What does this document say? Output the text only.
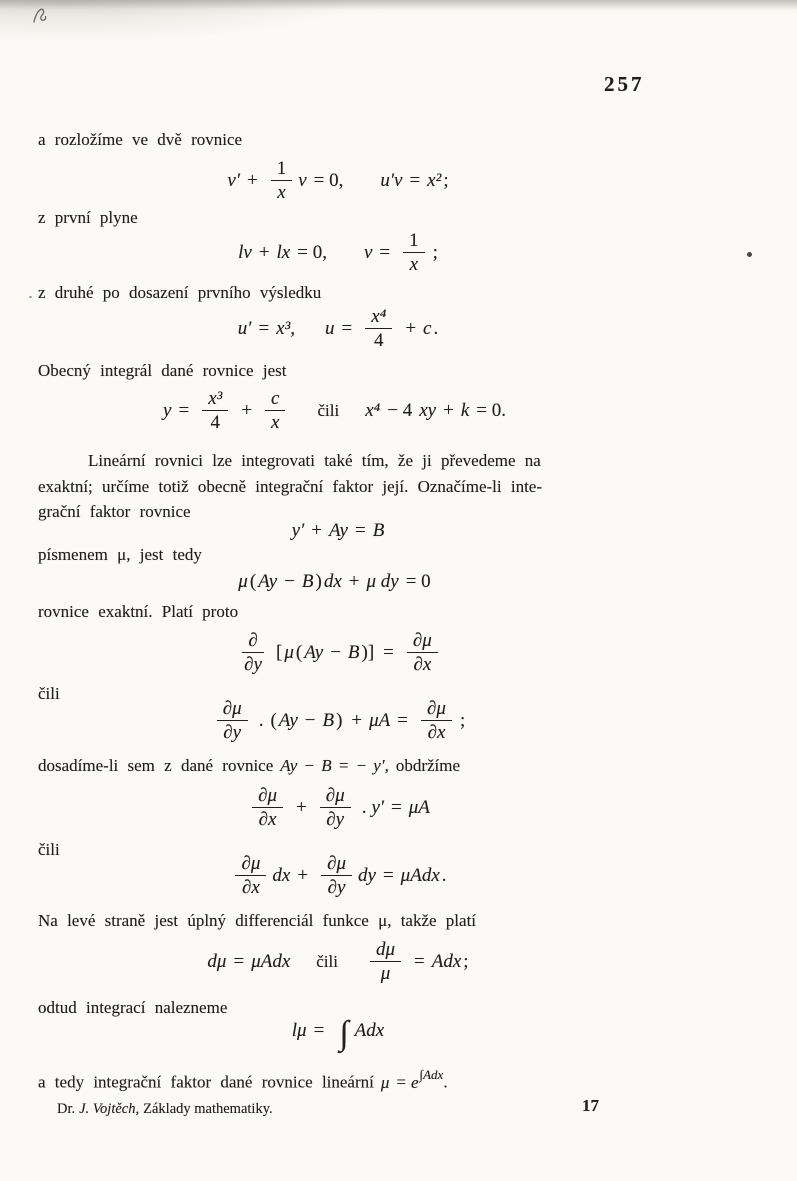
257
a rozložíme ve dvě rovnice
$v' + \frac{1}{x}$ v = 0, u′v = x² ;
z první plyne
lv + lx = 0, $v = \frac{1}{x}$ ;
z druhé po dosazení prvního výsledku
u′ = x³, $u = \frac{\text{x⁴}}{4} + c$ .
Obecný integrál dané rovnice jest
$y = \frac{\text{x³}}{4} + \frac{c}{x}$ čili x⁴ − 4 xy + k = 0.
Lineární rovnici lze integrovati také tím, že ji převedeme na
exaktní; určíme totiž obecně integrační faktor její. Označíme-li inte-
grační faktor rovnice
y′ + Ay = B
písmenem μ, jest tedy
μ ( Ay − B ) dx + μ dy = 0
rovnice exaktní. Platí proto
$\frac{\partial}{\partial y}$ [ μ ( Ay − B )] = $\frac{\partial\mu}{\partial x}$
čili
$\frac{\partial\mu}{\partial y}$ . ( Ay − B ) + $\mu A = \frac{\partial\mu}{\partial x}$ ;
dosadíme-li sem z dané rovnice Ay − B = − y′, obdržíme
$\frac{\partial\mu}{\partial x} + \frac{\partial\mu}{\partial y}$ . y′ = μA
čili
$\frac{\partial\mu}{\partial x}$ dx + $\frac{\partial\mu}{\partial y}$ dy = μAdx .
Na levé straně jest úplný differenciál funkce μ, takže platí
dμ = μAdx čili $\frac{d\mu}{\mu}$ = Adx ;
odtud integrací nalezneme
lμ = ∫ Adx
a tedy integrační faktor dané rovnice lineární $\mu = e^{\int Adx}$.
Dr. J. Vojtěch, Základy mathematiky.	17
